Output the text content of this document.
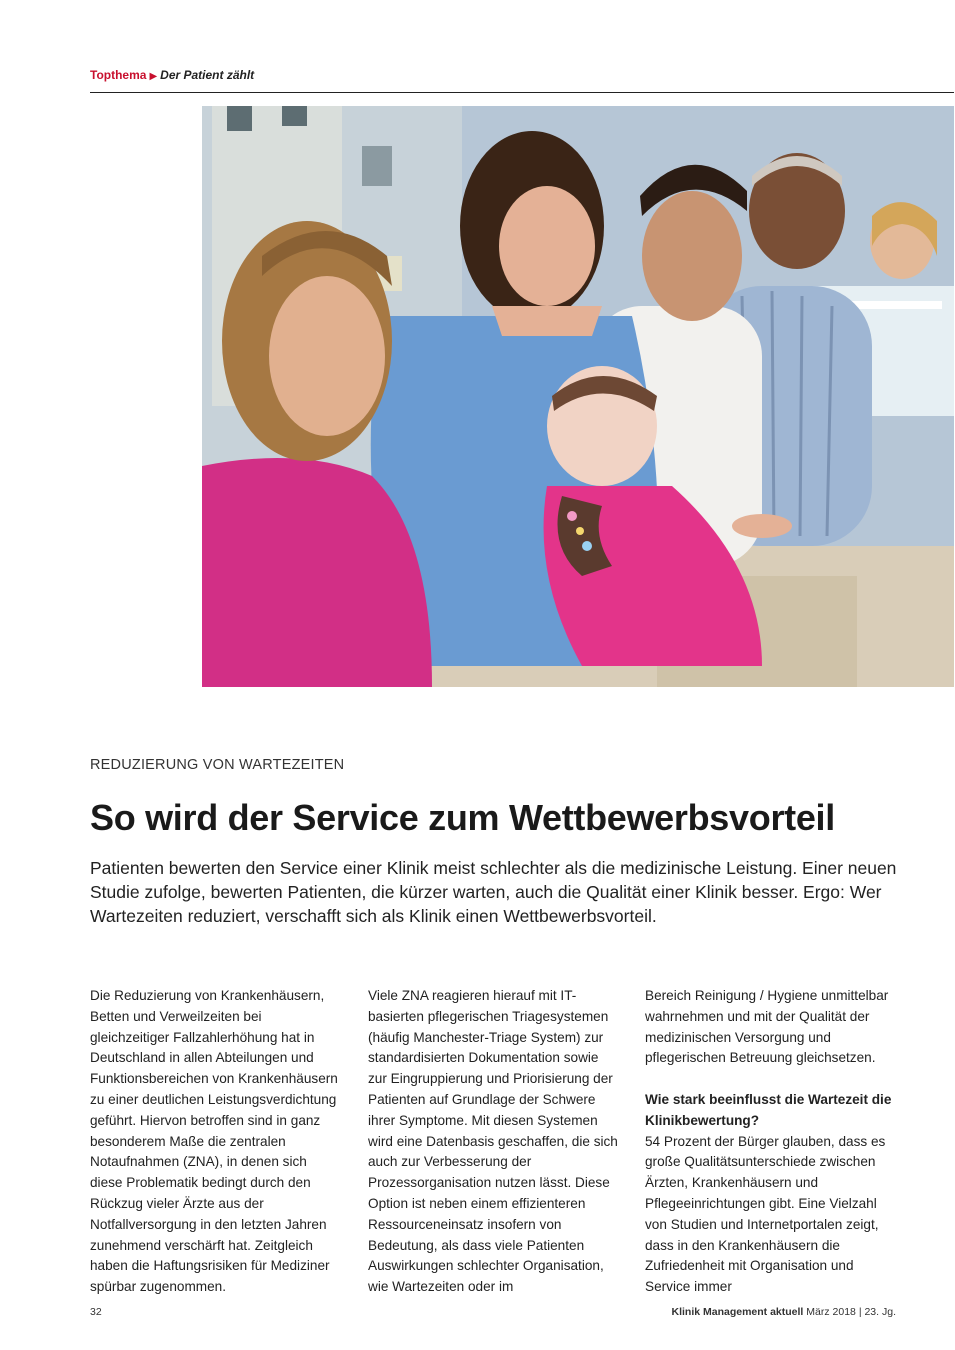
Topthema ▶ Der Patient zählt
REDUZIERUNG VON WARTEZEITEN
So wird der Service zum Wettbewerbsvorteil

Patienten bewerten den Service einer Klinik meist schlechter als die medizinische Leistung. Einer neuen Studie zufolge, bewerten Patienten, die kürzer warten, auch die Qualität einer Klinik besser. Ergo: Wer Wartezeiten reduziert, verschafft sich als Klinik einen Wettbewerbsvorteil.

Die Reduzierung von Krankenhäusern, Betten und Verweilzeiten bei gleichzeitiger Fallzahlerhöhung hat in Deutschland in allen Abteilungen und Funktionsbereichen von Krankenhäusern zu einer deutlichen Leistungsverdichtung geführt. Hiervon betroffen sind in ganz besonderem Maße die zentralen Notaufnahmen (ZNA), in denen sich diese Problematik bedingt durch den Rückzug vieler Ärzte aus der Notfallversorgung in den letzten Jahren zunehmend verschärft hat. Zeitgleich haben die Haftungsrisiken für Mediziner spürbar zugenommen.

Viele ZNA reagieren hierauf mit IT-basierten pflegerischen Triagesystemen (häufig Manchester-Triage System) zur standardisierten Dokumentation sowie zur Eingruppierung und Priorisierung der Patienten auf Grundlage der Schwere ihrer Symptome. Mit diesen Systemen wird eine Datenbasis geschaffen, die sich auch zur Verbesserung der Prozessorganisation nutzen lässt. Diese Option ist neben einem effizienteren Ressourceneinsatz insofern von Bedeutung, als dass viele Patienten Auswirkungen schlechter Organisation, wie Wartezeiten oder im

Bereich Reinigung / Hygiene unmittelbar wahrnehmen und mit der Qualität der medizinischen Versorgung und pflegerischen Betreuung gleichsetzen.

Wie stark beeinflusst die Wartezeit die Klinikbewertung?

54 Prozent der Bürger glauben, dass es große Qualitätsunterschiede zwischen Ärzten, Krankenhäusern und Pflegeeinrichtungen gibt. Eine Vielzahl von Studien und Internetportalen zeigt, dass in den Krankenhäusern die Zufriedenheit mit Organisation und Service immer

32	Klinik Management aktuell März 2018 | 23. Jg.
